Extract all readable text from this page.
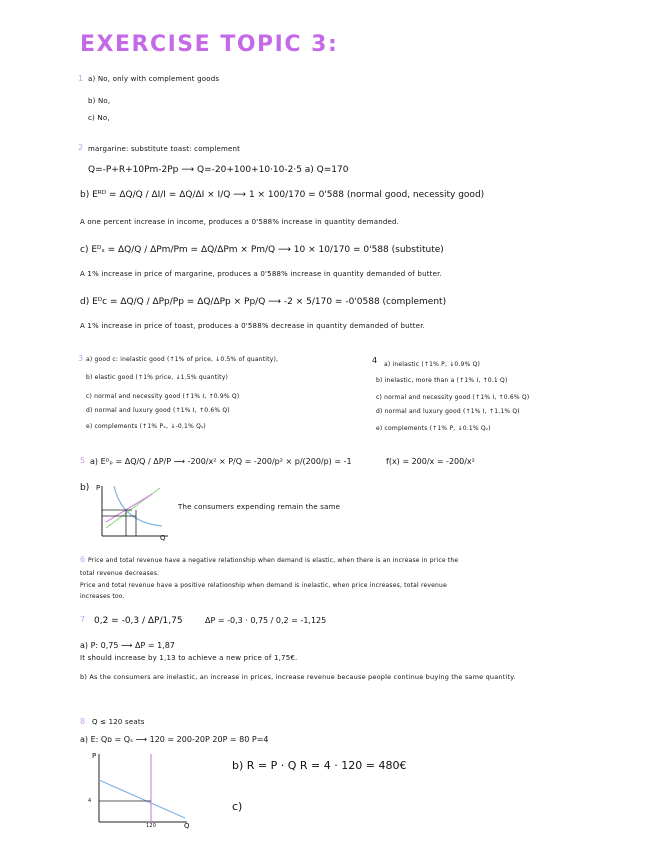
EXERCISE TOPIC 3:
1 a) No, only with complement goods
b) No,
c) No,
2 margarine: substitute toast: complement
Q=-P+R+10Pm-2Pp ⟶ Q=-20+100+10·10-2·5 a) Q=170
b) Eᴿᴰ = ΔQ/Q / ΔI/I = ΔQ/ΔI × I/Q ⟶ 1 × 100/170 = 0'588 (normal good, necessity good)
A one percent increase in income, produces a 0'588% increase in quantity demanded.
c) Eᴰₛ = ΔQ/Q / ΔPm/Pm = ΔQ/ΔPm × Pm/Q ⟶ 10 × 10/170 = 0'588 (substitute)
A 1% increase in price of margarine, produces a 0'588% increase in quantity demanded of butter.
d) Eᴰc = ΔQ/Q / ΔPp/Pp = ΔQ/ΔPp × Pp/Q ⟶ -2 × 5/170 = -0'0588 (complement)
A 1% increase in price of toast, produces a 0'588% decrease in quantity demanded of butter.
3 a) good c: inelastic good (↑1% of price, ↓0.5% of quantity),
b) elastic good (↑1% price, ↓1.5% quantity)
c) normal and necessity good (↑1% I, ↑0.9% Q)
d) normal and luxury good (↑1% I, ↑0.6% Q)
e) complements (↑1% Pₓ, ↓-0.1% Qᵧ)
4 a) inelastic (↑1% P, ↓0.9% Q)
b) inelastic, more than a (↑1% I, ↑0.1 Q)
c) normal and necessity good (↑1% I, ↑0.6% Q)
d) normal and luxury good (↑1% I, ↑1.1% Q)
e) complements (↑1% P, ↓0.1% Qᵧ)
5 a) Eᴰₚ = ΔQ/Q / ΔP/P ⟶ -200/x² × P/Q = -200/p² × p/(200/p) = -1	f(x) = 200/x = -200/x²
b)
The consumers expending remain the same
P
Q
6 Price and total revenue have a negative relationship when demand is elastic, when there is an increase in price the
total revenue decreases.
Price and total revenue have a positive relationship when demand is inelastic, when price increases, total revenue
increases too.
7 0,2 = -0,3 / ΔP/1,75	ΔP = -0,3 · 0,75 / 0,2 = -1,125
a) P: 0,75 ⟶ ΔP = 1,87
It should increase by 1,13 to achieve a new price of 1,75€.
b) As the consumers are inelastic, an increase in prices, increase revenue because people continue buying the same quantity.
8 Q ≤ 120 seats
a) E: Qᴅ = Qₛ ⟶ 120 = 200-20P 20P = 80 P=4
b) R = P · Q R = 4 · 120 = 480€
c)
P
Q
4
120
